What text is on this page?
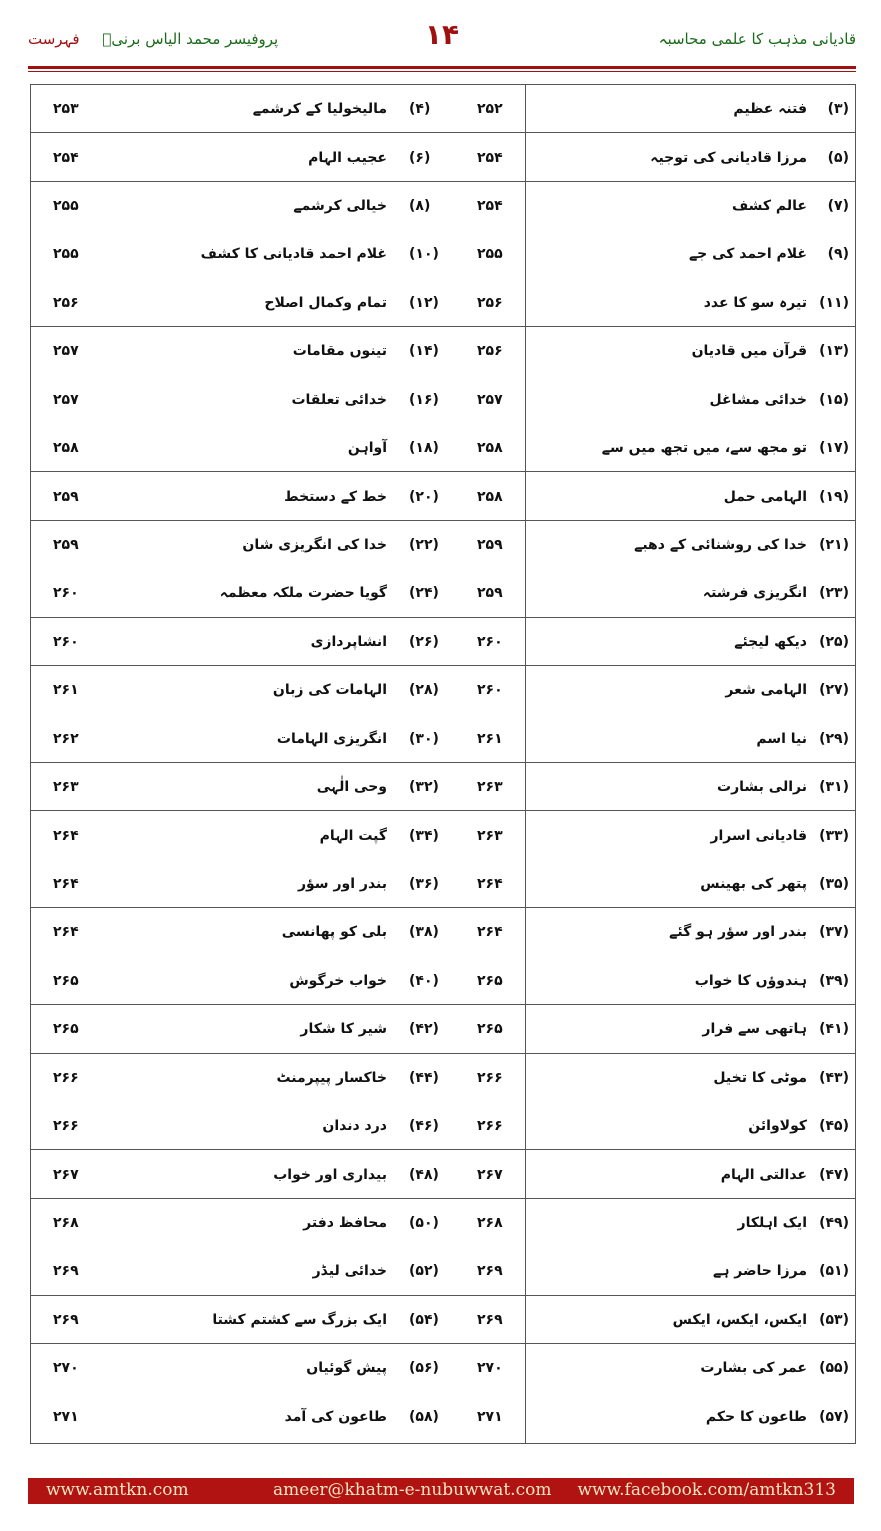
قادیانی مذہب کا علمی محاسبہ
۱۴
پروفیسر محمد الیاس برنیؒ فہرست
(۳)
فتنہ عظیم
۲۵۲
(۴)
مالیخولیا کے کرشمے
۲۵۳
(۵)
مرزا قادیانی کی توجیہ
۲۵۴
(۶)
عجیب الہام
۲۵۴
(۷)
عالم کشف
۲۵۴
(۸)
خیالی کرشمے
۲۵۵
(۹)
غلام احمد کی جے
۲۵۵
(۱۰)
غلام احمد قادیانی کا کشف
۲۵۵
(۱۱)
تیرہ سو کا عدد
۲۵۶
(۱۲)
تمام وکمال اصلاح
۲۵۶
(۱۳)
قرآن میں قادیان
۲۵۶
(۱۴)
تینوں مقامات
۲۵۷
(۱۵)
خدائی مشاغل
۲۵۷
(۱۶)
خدائی تعلقات
۲۵۷
(۱۷)
تو مجھ سے، میں تجھ میں سے
۲۵۸
(۱۸)
آواہن
۲۵۸
(۱۹)
الہامی حمل
۲۵۸
(۲۰)
خط کے دستخط
۲۵۹
(۲۱)
خدا کی روشنائی کے دھبے
۲۵۹
(۲۲)
خدا کی انگریزی شان
۲۵۹
(۲۳)
انگریزی فرشتہ
۲۵۹
(۲۴)
گویا حضرت ملکہ معظمہ
۲۶۰
(۲۵)
دیکھ لیجئے
۲۶۰
(۲۶)
انشاپردازی
۲۶۰
(۲۷)
الہامی شعر
۲۶۰
(۲۸)
الہامات کی زبان
۲۶۱
(۲۹)
نیا اسم
۲۶۱
(۳۰)
انگریزی الہامات
۲۶۲
(۳۱)
نرالی بشارت
۲۶۳
(۳۲)
وحی الٰہی
۲۶۳
(۳۳)
قادیانی اسرار
۲۶۳
(۳۴)
گپت الہام
۲۶۴
(۳۵)
پتھر کی بھینس
۲۶۴
(۳۶)
بندر اور سؤر
۲۶۴
(۳۷)
بندر اور سؤر ہو گئے
۲۶۴
(۳۸)
بلی کو پھانسی
۲۶۴
(۳۹)
ہندوؤں کا خواب
۲۶۵
(۴۰)
خواب خرگوش
۲۶۵
(۴۱)
ہاتھی سے فرار
۲۶۵
(۴۲)
شیر کا شکار
۲۶۵
(۴۳)
موٹی کا تخیل
۲۶۶
(۴۴)
خاکسار پیپرمنٹ
۲۶۶
(۴۵)
کولاوائن
۲۶۶
(۴۶)
درد دندان
۲۶۶
(۴۷)
عدالتی الہام
۲۶۷
(۴۸)
بیداری اور خواب
۲۶۷
(۴۹)
ایک اہلکار
۲۶۸
(۵۰)
محافظ دفتر
۲۶۸
(۵۱)
مرزا حاضر ہے
۲۶۹
(۵۲)
خدائی لیڈر
۲۶۹
(۵۳)
ایکس، ایکس، ایکس
۲۶۹
(۵۴)
ایک بزرگ سے کشتم کشتا
۲۶۹
(۵۵)
عمر کی بشارت
۲۷۰
(۵۶)
پیش گوئیاں
۲۷۰
(۵۷)
طاعون کا حکم
۲۷۱
(۵۸)
طاعون کی آمد
۲۷۱
www.amtkn.com	ameer@khatm-e-nubuwwat.com www.facebook.com/amtkn313
